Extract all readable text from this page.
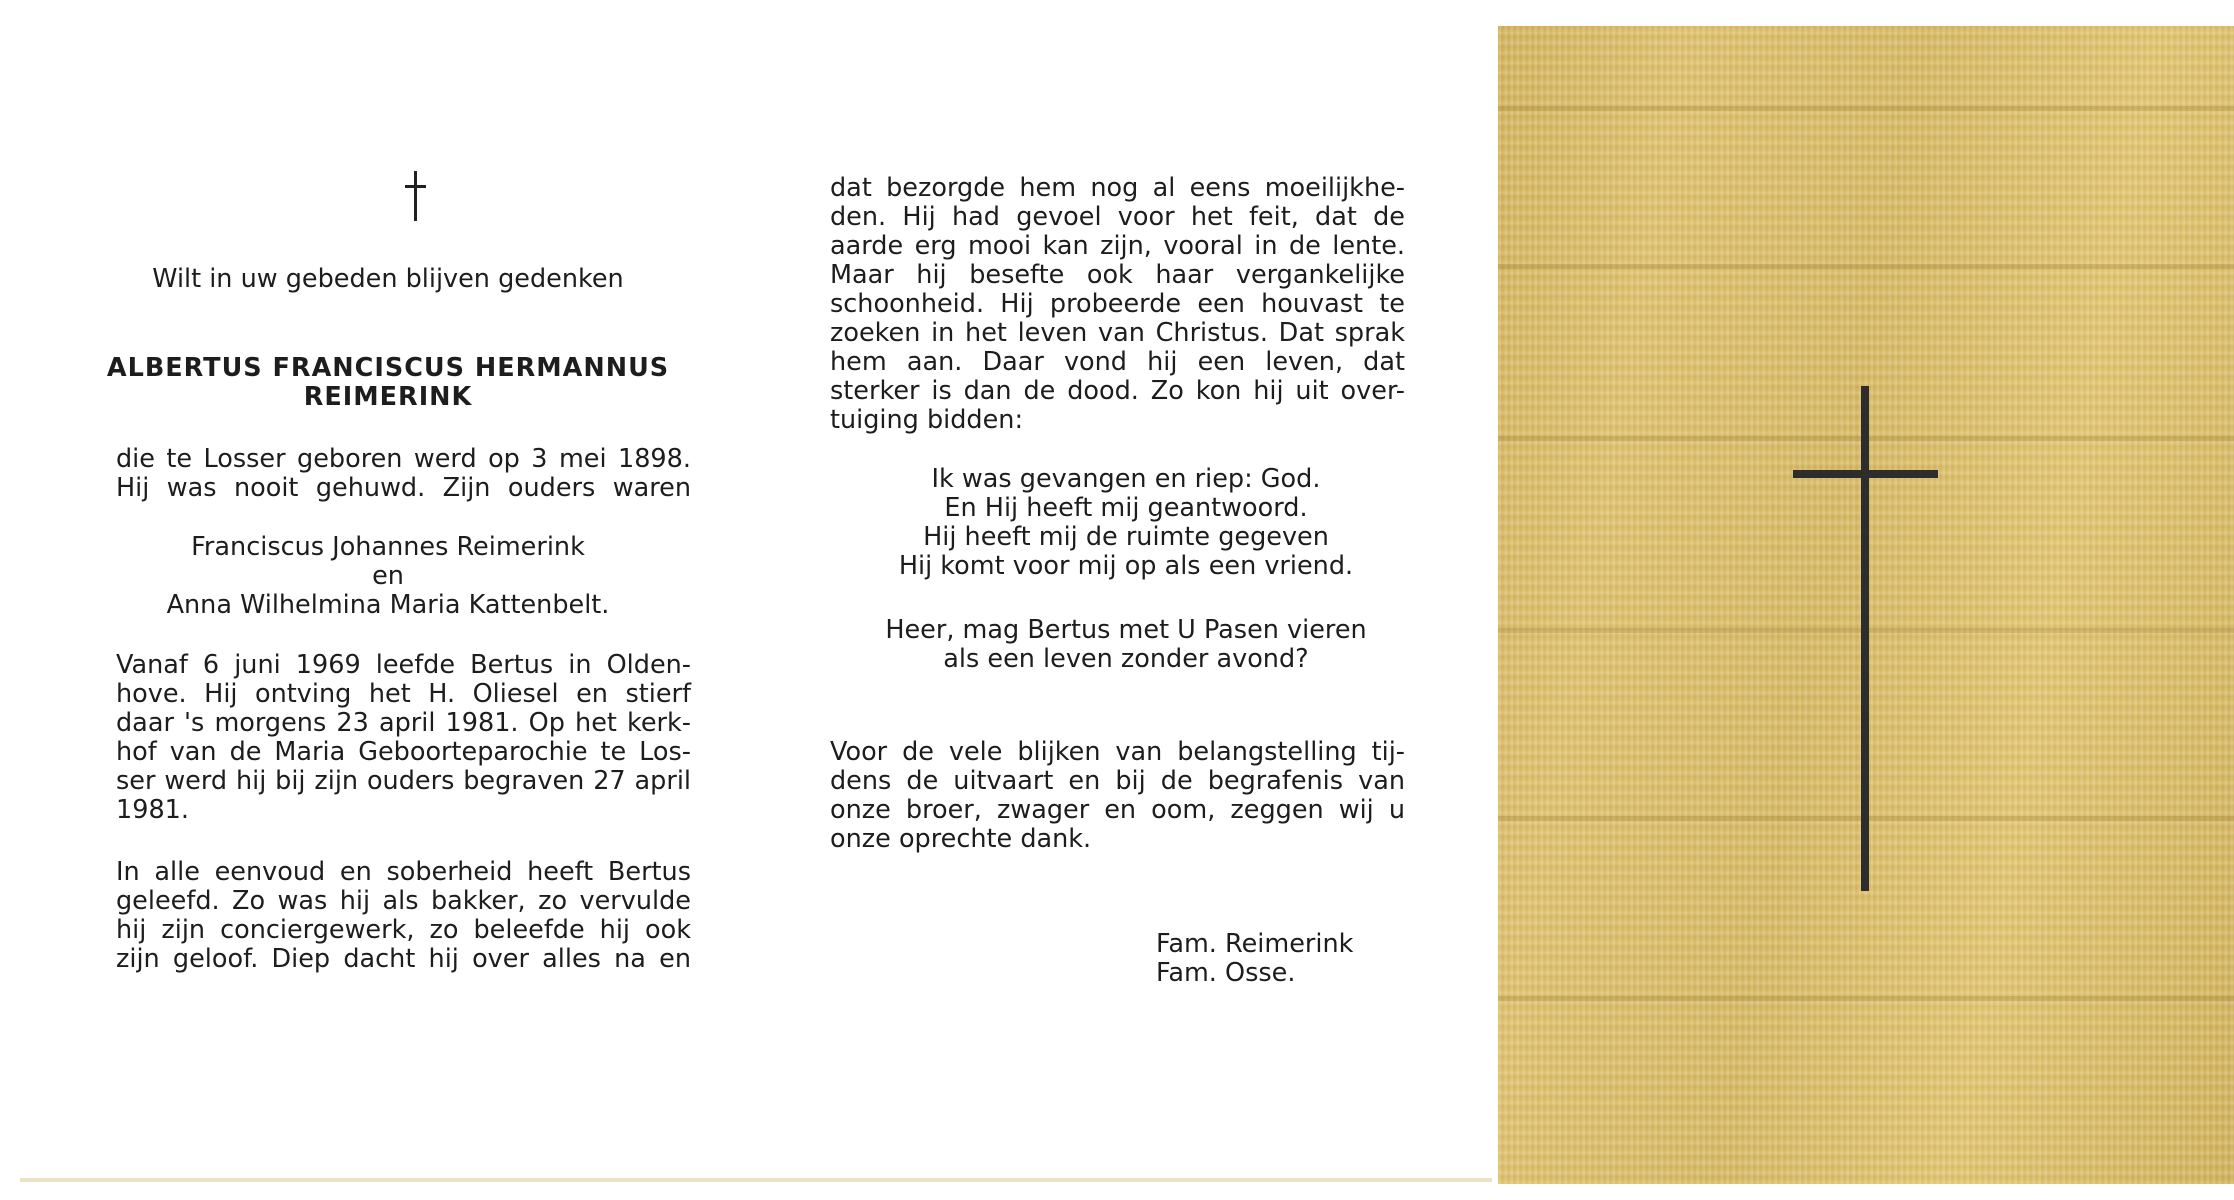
Wilt in uw gebeden blijven gedenken
ALBERTUS FRANCISCUS HERMANNUS
REIMERINK
die te Losser geboren werd op 3 mei 1898.
Hij was nooit gehuwd. Zijn ouders waren
Franciscus Johannes Reimerink
en
Anna Wilhelmina Maria Kattenbelt.
Vanaf 6 juni 1969 leefde Bertus in Olden-
hove. Hij ontving het H. Oliesel en stierf
daar 's morgens 23 april 1981. Op het kerk-
hof van de Maria Geboorteparochie te Los-
ser werd hij bij zijn ouders begraven 27 april
1981.
In alle eenvoud en soberheid heeft Bertus
geleefd. Zo was hij als bakker, zo vervulde
hij zijn conciergewerk, zo beleefde hij ook
zijn geloof. Diep dacht hij over alles na en
dat bezorgde hem nog al eens moeilijkhe-
den. Hij had gevoel voor het feit, dat de
aarde erg mooi kan zijn, vooral in de lente.
Maar hij besefte ook haar vergankelijke
schoonheid. Hij probeerde een houvast te
zoeken in het leven van Christus. Dat sprak
hem aan. Daar vond hij een leven, dat
sterker is dan de dood. Zo kon hij uit over-
tuiging bidden:
Ik was gevangen en riep: God.
En Hij heeft mij geantwoord.
Hij heeft mij de ruimte gegeven
Hij komt voor mij op als een vriend.
Heer, mag Bertus met U Pasen vieren
als een leven zonder avond?
Voor de vele blijken van belangstelling tij-
dens de uitvaart en bij de begrafenis van
onze broer, zwager en oom, zeggen wij u
onze oprechte dank.
Fam. Reimerink
Fam. Osse.
